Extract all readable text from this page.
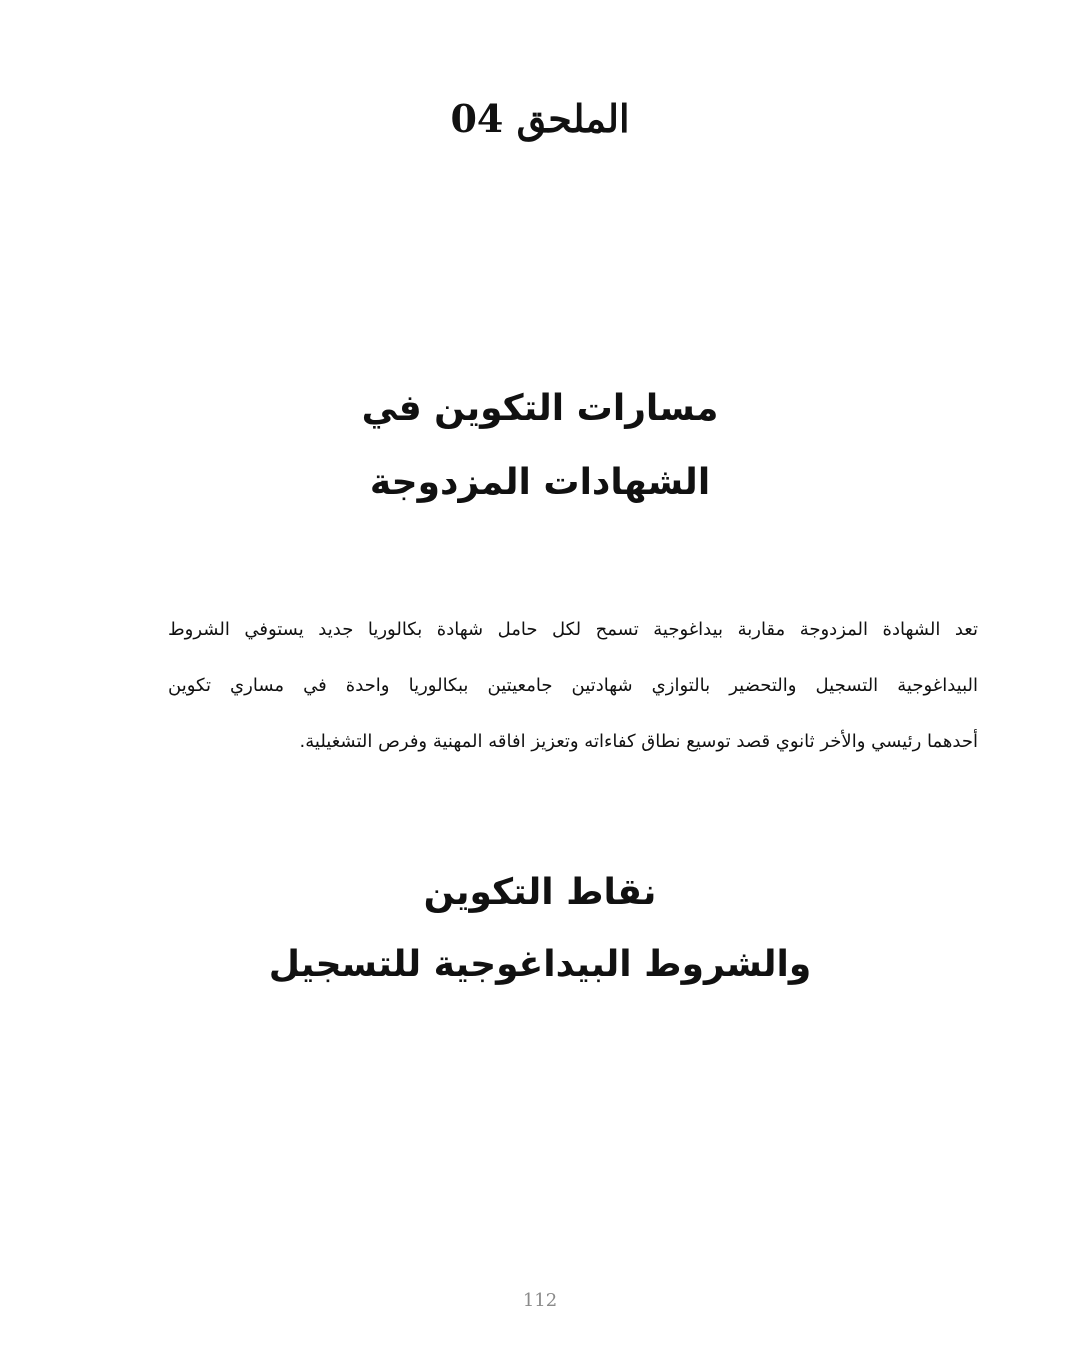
الملحق 04
مسارات التكوين في
الشهادات المزدوجة
تعد الشهادة المزدوجة مقاربة بيداغوجية تسمح لكل حامل شهادة بكالوريا جديد يستوفي الشروط
البيداغوجية التسجيل والتحضير بالتوازي شهادتين جامعيتين ببكالوريا واحدة في مساري تكوين
أحدهما رئيسي والأخر ثانوي قصد توسيع نطاق كفاءاته وتعزيز افاقه المهنية وفرص التشغيلية.
نقاط التكوين
والشروط البيداغوجية للتسجيل
112
